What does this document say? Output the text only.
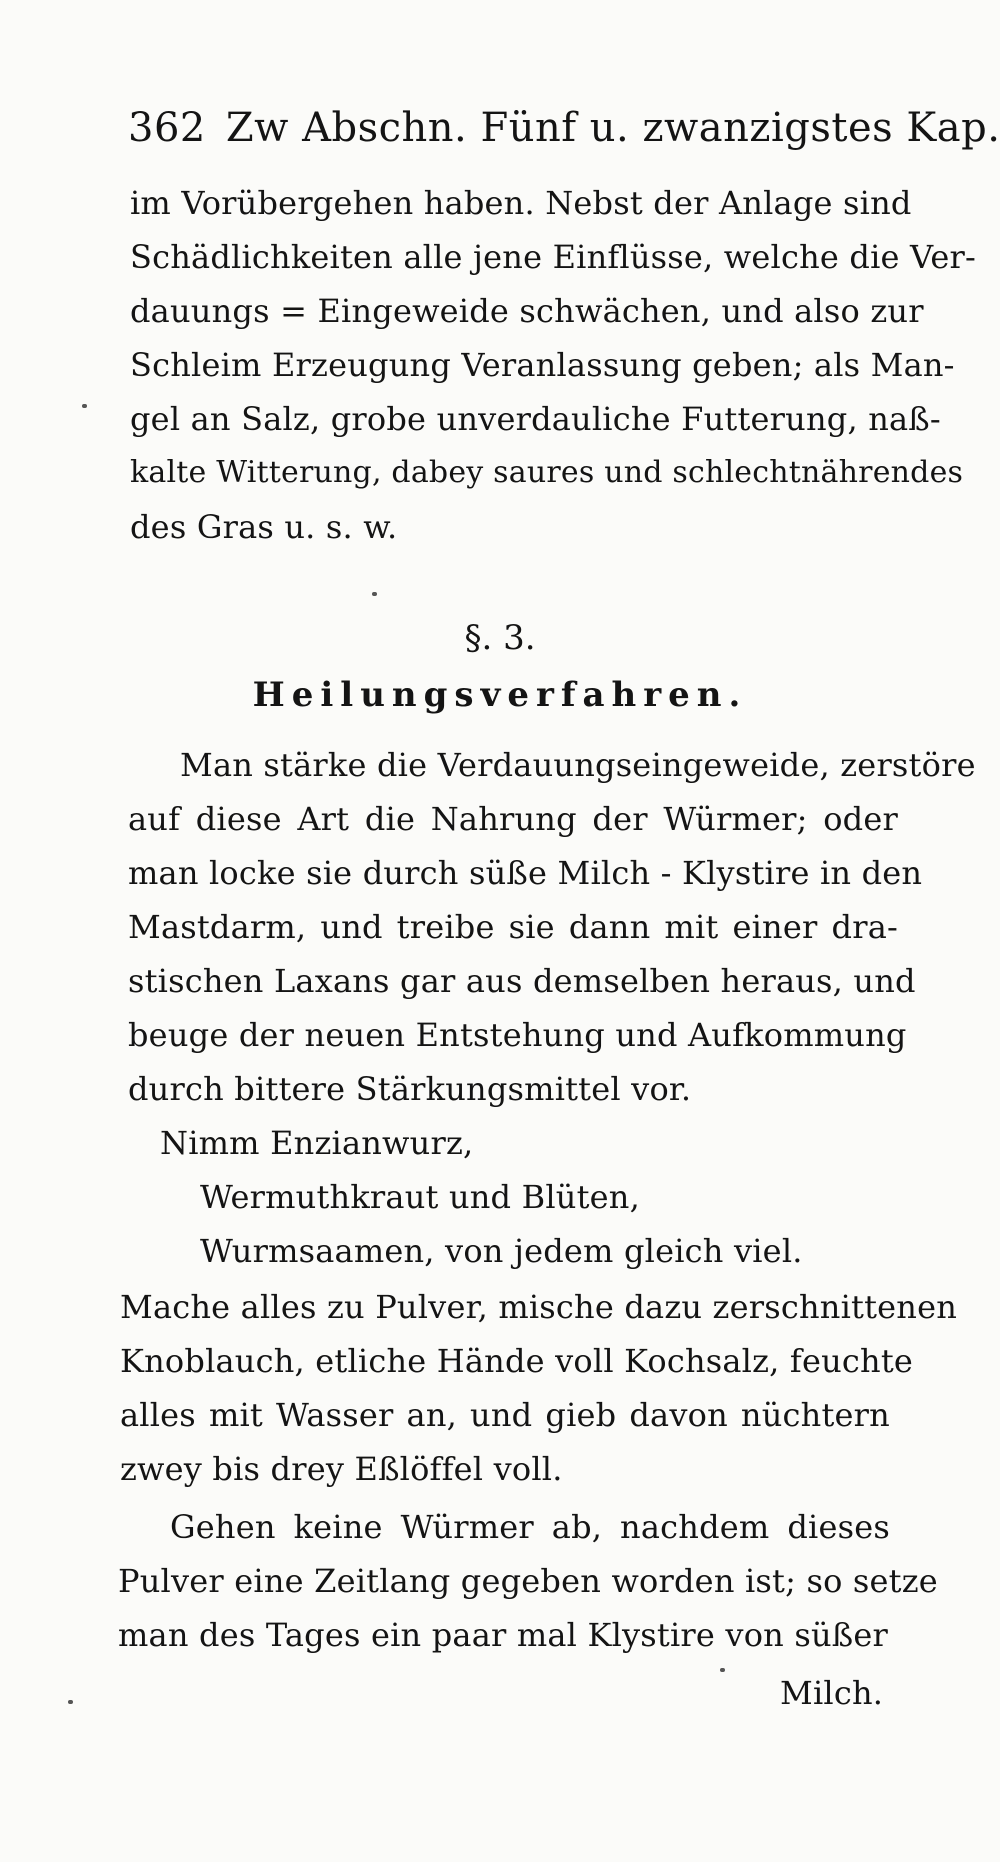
362 Zw Abschn. Fünf u. zwanzigstes Kap.
im Vorübergehen haben. Nebst der Anlage sind
Schädlichkeiten alle jene Einflüsse, welche die Ver-
dauungs = Eingeweide schwächen, und also zur
Schleim Erzeugung Veranlassung geben; als Man-
gel an Salz, grobe unverdauliche Futterung, naß-
kalte Witterung, dabey saures und schlechtnährendes
des Gras u. s. w.
§. 3.
Heilungsverfahren.
Man stärke die Verdauungseingeweide, zerstöre
auf diese Art die Nahrung der Würmer; oder
man locke sie durch süße Milch - Klystire in den
Mastdarm, und treibe sie dann mit einer dra-
stischen Laxans gar aus demselben heraus, und
beuge der neuen Entstehung und Aufkommung
durch bittere Stärkungsmittel vor.
Nimm Enzianwurz,
Wermuthkraut und Blüten,
Wurmsaamen, von jedem gleich viel.
Mache alles zu Pulver, mische dazu zerschnittenen
Knoblauch, etliche Hände voll Kochsalz, feuchte
alles mit Wasser an, und gieb davon nüchtern
zwey bis drey Eßlöffel voll.
Gehen keine Würmer ab, nachdem dieses
Pulver eine Zeitlang gegeben worden ist; so setze
man des Tages ein paar mal Klystire von süßer
Milch.
